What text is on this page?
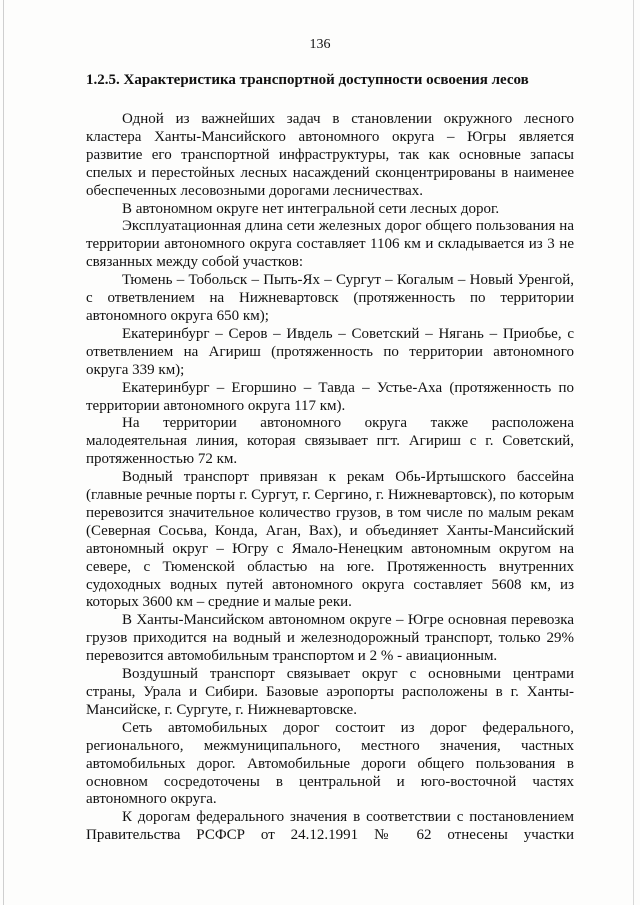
136
1.2.5. Характеристика транспортной доступности освоения лесов

Одной из важнейших задач в становлении окружного лесного кластера Ханты-Мансийского автономного округа – Югры является развитие его транспортной инфраструктуры, так как основные запасы спелых и перестойных лесных насаждений сконцентрированы в наименее обеспеченных лесовозными дорогами лесничествах.

В автономном округе нет интегральной сети лесных дорог.

Эксплуатационная длина сети железных дорог общего пользования на территории автономного округа составляет 1106 км и складывается из 3 не связанных между собой участков:

Тюмень – Тобольск – Пыть-Ях – Сургут – Когалым – Новый Уренгой, с ответвлением на Нижневартовск (протяженность по территории автономного округа 650 км);

Екатеринбург – Серов – Ивдель – Советский – Нягань – Приобье, с ответвлением на Агириш (протяженность по территории автономного округа 339 км);

Екатеринбург – Егоршино – Тавда – Устье-Аха (протяженность по территории автономного округа 117 км).

На территории автономного округа также расположена малодеятельная линия, которая связывает пгт. Агириш с г. Советский, протяженностью 72 км.

Водный транспорт привязан к рекам Обь-Иртышского бассейна (главные речные порты г. Сургут, г. Сергино, г. Нижневартовск), по которым перевозится значительное количество грузов, в том числе по малым рекам (Северная Сосьва, Конда, Аган, Вах), и объединяет Ханты-Мансийский автономный округ – Югру с Ямало-Ненецким автономным округом на севере, с Тюменской областью на юге. Протяженность внутренних судоходных водных путей автономного округа составляет 5608 км, из которых 3600 км – средние и малые реки.

В Ханты-Мансийском автономном округе – Югре основная перевозка грузов приходится на водный и железнодорожный транспорт, только 29% перевозится автомобильным транспортом и 2 % - авиационным.

Воздушный транспорт связывает округ с основными центрами страны, Урала и Сибири. Базовые аэропорты расположены в г. Ханты-Мансийске, г. Сургуте, г. Нижневартовске.

Сеть автомобильных дорог состоит из дорог федерального, регионального, межмуниципального, местного значения, частных автомобильных дорог. Автомобильные дороги общего пользования в основном сосредоточены в центральной и юго-восточной частях автономного округа.

К дорогам федерального значения в соответствии с постановлением Правительства РСФСР от 24.12.1991 № 62 отнесены участки
